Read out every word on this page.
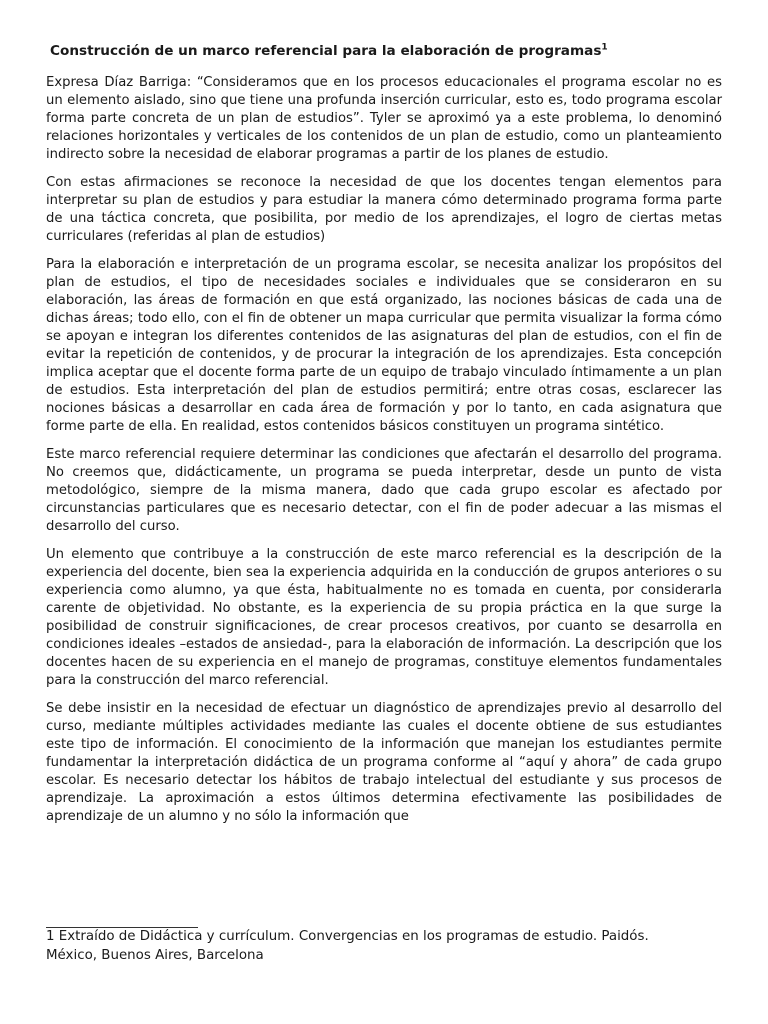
Construcción de un marco referencial para la elaboración de programas$^1$

Expresa Díaz Barriga: “Consideramos que en los procesos educacionales el programa escolar no es un elemento aislado, sino que tiene una profunda inserción curricular, esto es, todo programa escolar forma parte concreta de un plan de estudios”. Tyler se aproximó ya a este problema, lo denominó relaciones horizontales y verticales de los contenidos de un plan de estudio, como un planteamiento indirecto sobre la necesidad de elaborar programas a partir de los planes de estudio.

Con estas afirmaciones se reconoce la necesidad de que los docentes tengan elementos para interpretar su plan de estudios y para estudiar la manera cómo determinado programa forma parte de una táctica concreta, que posibilita, por medio de los aprendizajes, el logro de ciertas metas curriculares (referidas al plan de estudios)

Para la elaboración e interpretación de un programa escolar, se necesita analizar los propósitos del plan de estudios, el tipo de necesidades sociales e individuales que se consideraron en su elaboración, las áreas de formación en que está organizado, las nociones básicas de cada una de dichas áreas; todo ello, con el fin de obtener un mapa curricular que permita visualizar la forma cómo se apoyan e integran los diferentes contenidos de las asignaturas del plan de estudios, con el fin de evitar la repetición de contenidos, y de procurar la integración de los aprendizajes. Esta concepción implica aceptar que el docente forma parte de un equipo de trabajo vinculado íntimamente a un plan de estudios. Esta interpretación del plan de estudios permitirá; entre otras cosas, esclarecer las nociones básicas a desarrollar en cada área de formación y por lo tanto, en cada asignatura que forme parte de ella. En realidad, estos contenidos básicos constituyen un programa sintético.

Este marco referencial requiere determinar las condiciones que afectarán el desarrollo del programa. No creemos que, didácticamente, un programa se pueda interpretar, desde un punto de vista metodológico, siempre de la misma manera, dado que cada grupo escolar es afectado por circunstancias particulares que es necesario detectar, con el fin de poder adecuar a las mismas el desarrollo del curso.

Un elemento que contribuye a la construcción de este marco referencial es la descripción de la experiencia del docente, bien sea la experiencia adquirida en la conducción de grupos anteriores o su experiencia como alumno, ya que ésta, habitualmente no es tomada en cuenta, por considerarla carente de objetividad. No obstante, es la experiencia de su propia práctica en la que surge la posibilidad de construir significaciones, de crear procesos creativos, por cuanto se desarrolla en condiciones ideales –estados de ansiedad-, para la elaboración de información. La descripción que los docentes hacen de su experiencia en el manejo de programas, constituye elementos fundamentales para la construcción del marco referencial.

Se debe insistir en la necesidad de efectuar un diagnóstico de aprendizajes previo al desarrollo del curso, mediante múltiples actividades mediante las cuales el docente obtiene de sus estudiantes este tipo de información. El conocimiento de la información que manejan los estudiantes permite fundamentar la interpretación didáctica de un programa conforme al “aquí y ahora” de cada grupo escolar. Es necesario detectar los hábitos de trabajo intelectual del estudiante y sus procesos de aprendizaje. La aproximación a estos últimos determina efectivamente las posibilidades de aprendizaje de un alumno y no sólo la información que

1 Extraído de Didáctica y currículum. Convergencias en los programas de estudio. Paidós.
México, Buenos Aires, Barcelona
